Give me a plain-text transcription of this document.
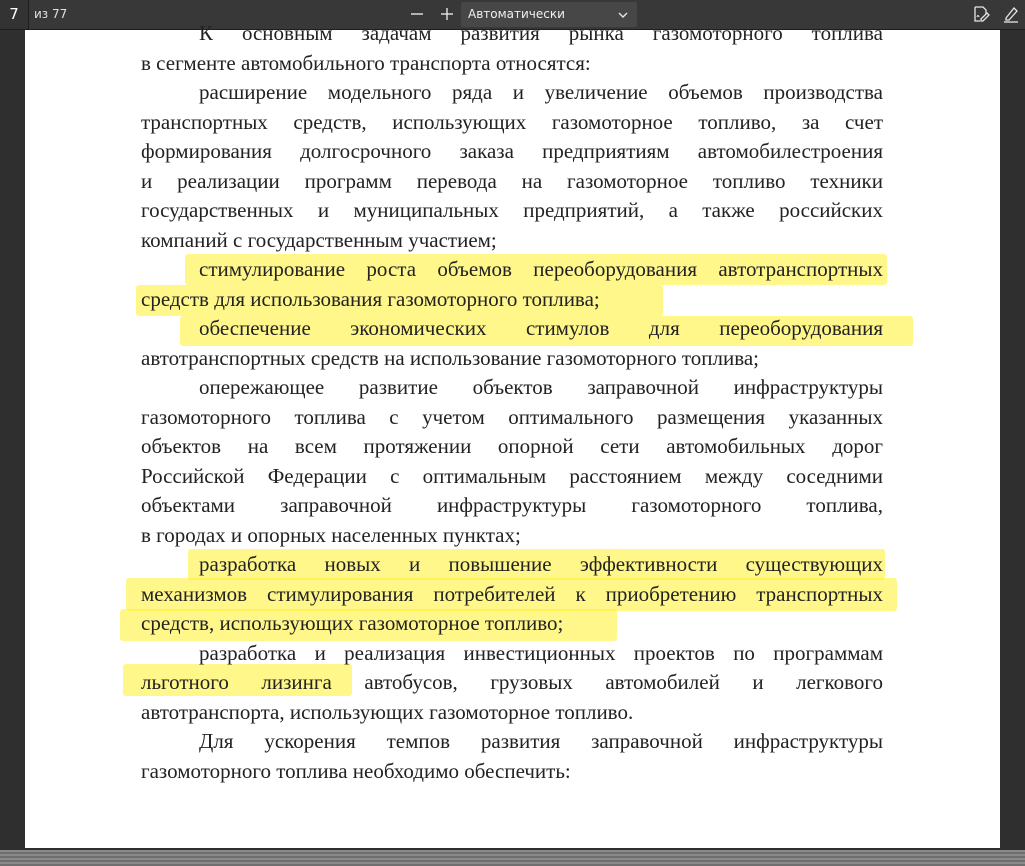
7	из 77	Автоматически
К основным задачам развития рынка газомоторного топлива
в сегменте автомобильного транспорта относятся:
расширение модельного ряда и увеличение объемов производства
транспортных средств, использующих газомоторное топливо, за счет
формирования долгосрочного заказа предприятиям автомобилестроения
и реализации программ перевода на газомоторное топливо техники
государственных и муниципальных предприятий, а также российских
компаний с государственным участием;
стимулирование роста объемов переоборудования автотранспортных
средств для использования газомоторного топлива;
обеспечение экономических стимулов для переоборудования
автотранспортных средств на использование газомоторного топлива;
опережающее развитие объектов заправочной инфраструктуры
газомоторного топлива с учетом оптимального размещения указанных
объектов на всем протяжении опорной сети автомобильных дорог
Российской Федерации с оптимальным расстоянием между соседними
объектами заправочной инфраструктуры газомоторного топлива,
в городах и опорных населенных пунктах;
разработка новых и повышение эффективности существующих
механизмов стимулирования потребителей к приобретению транспортных
средств, использующих газомоторное топливо;
разработка и реализация инвестиционных проектов по программам
льготного лизинга автобусов, грузовых автомобилей и легкового
автотранспорта, использующих газомоторное топливо.
Для ускорения темпов развития заправочной инфраструктуры
газомоторного топлива необходимо обеспечить:
